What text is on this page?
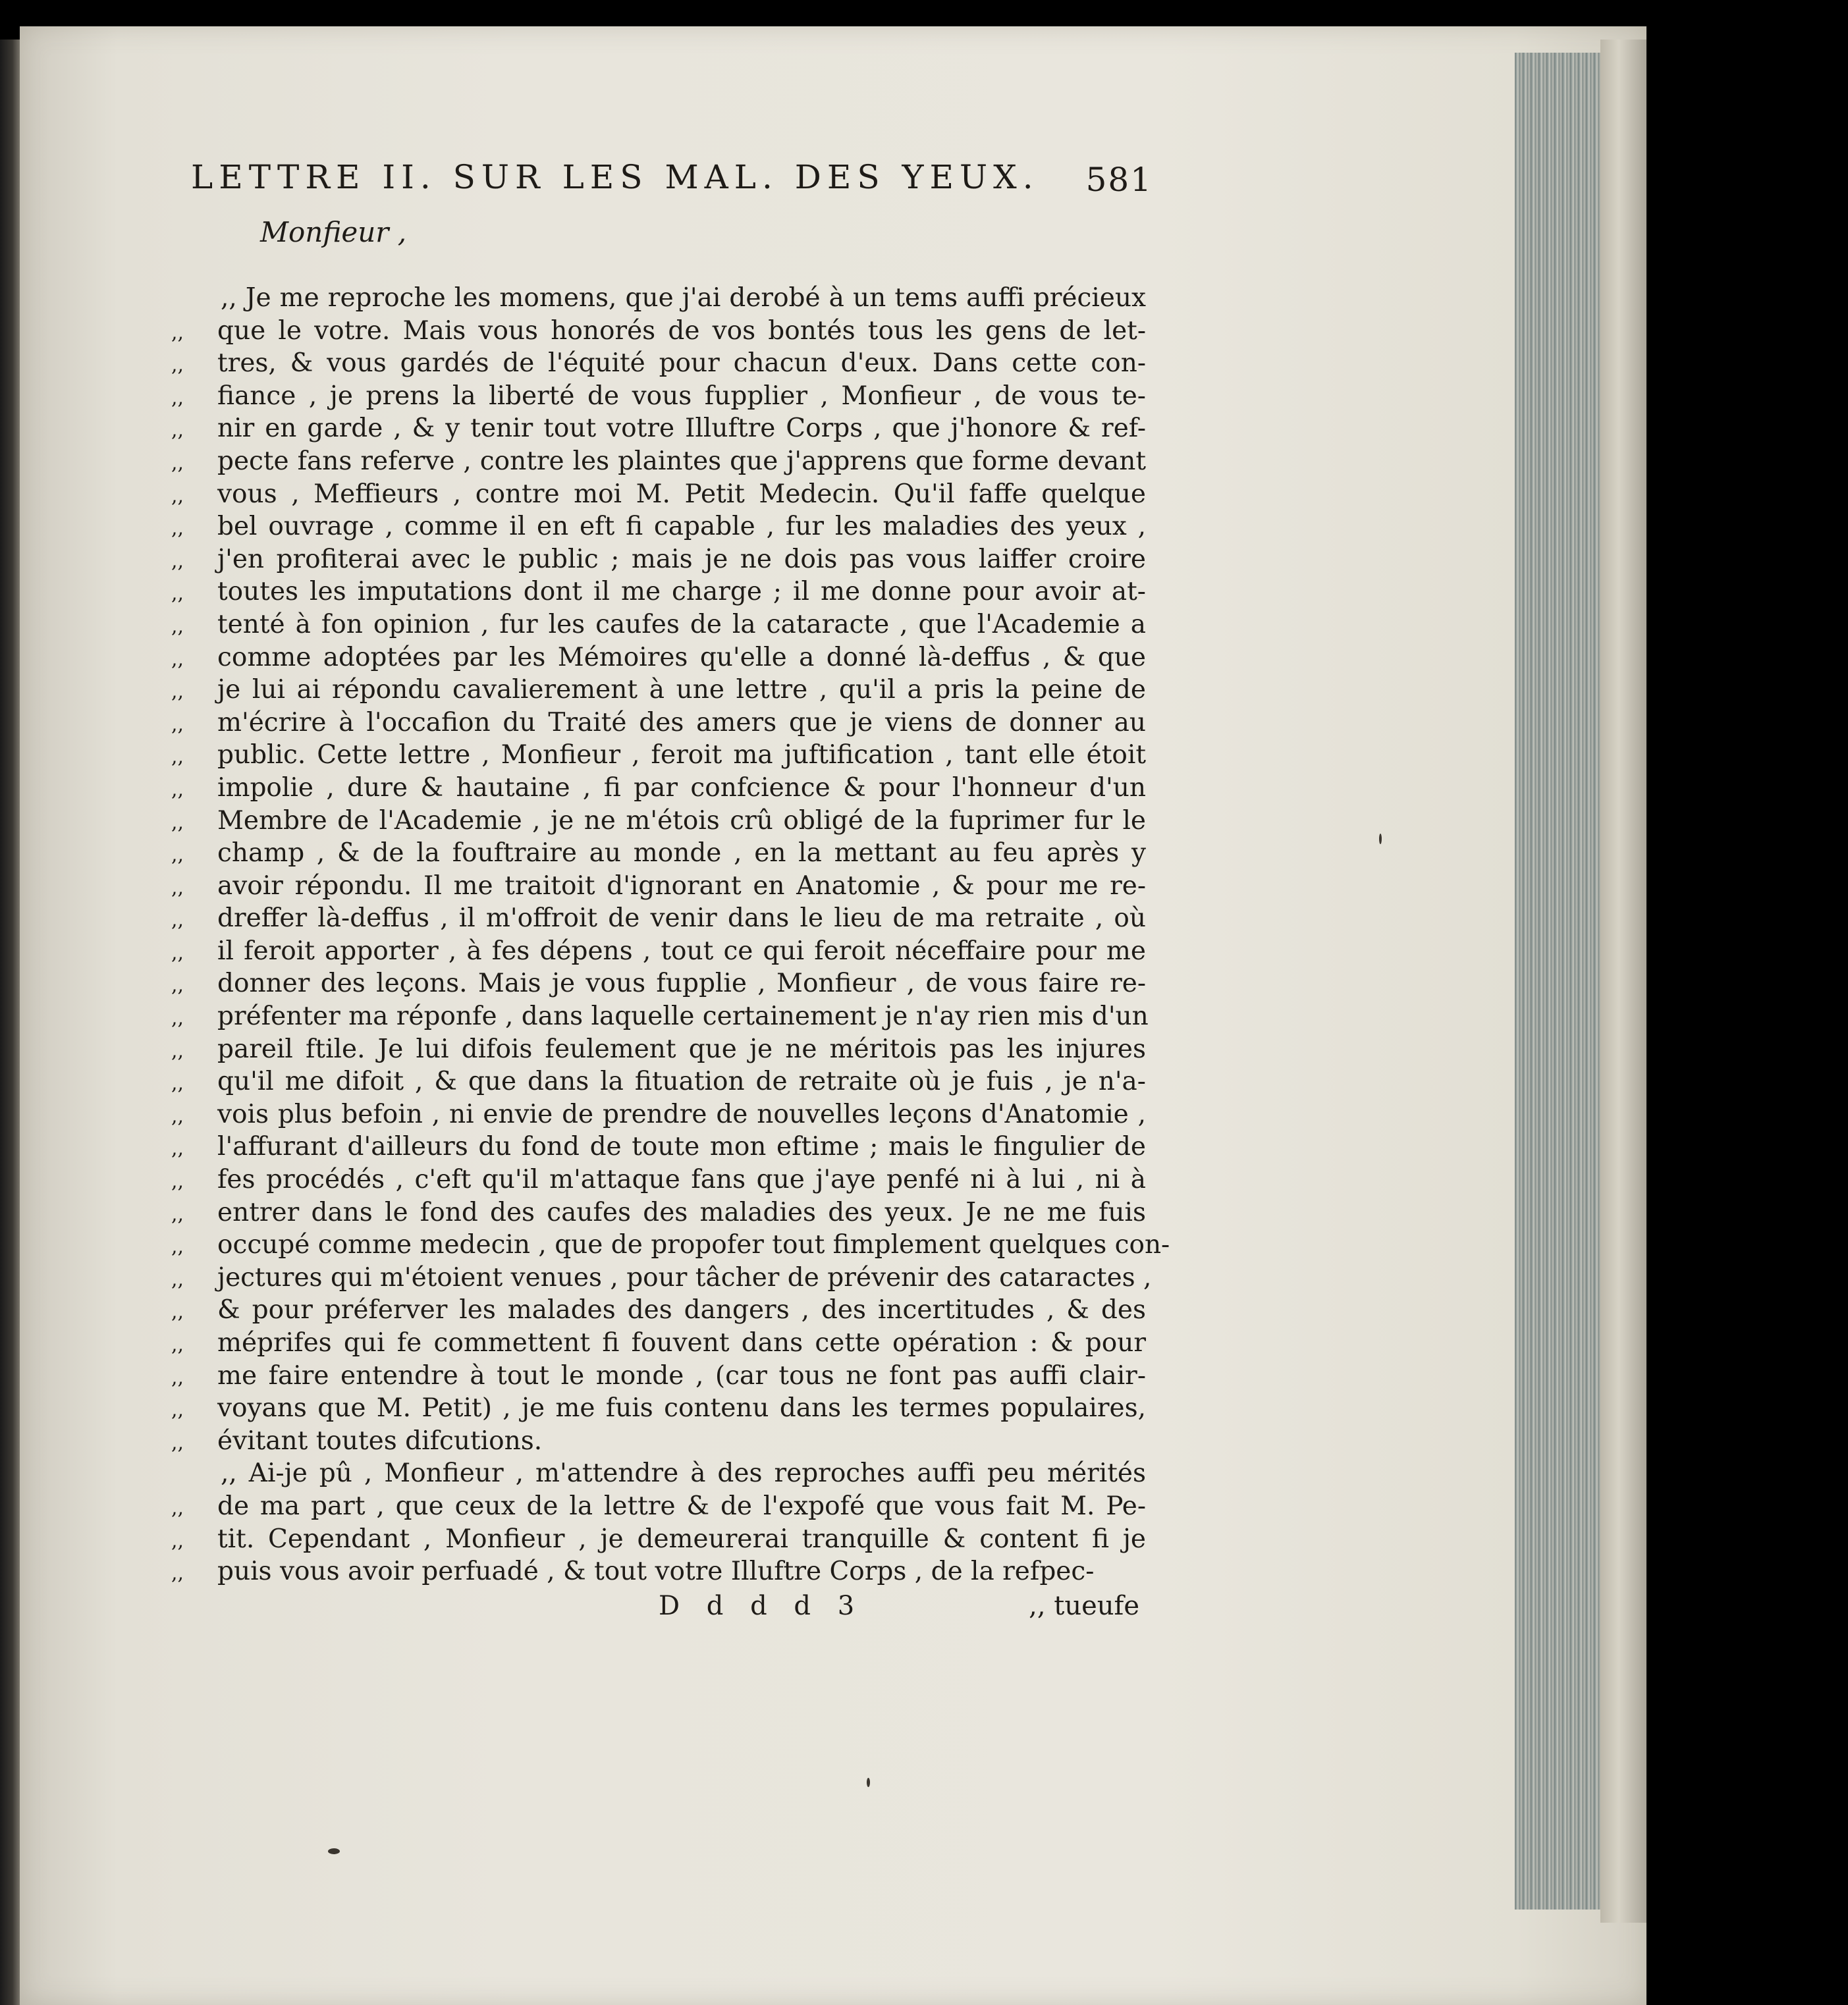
LETTRE II. SUR LES MAL. DES YEUX. 581
Monfieur ,
,, Je me reproche les momens, que j'ai derobé à un tems auffi précieux
,,	que le votre. Mais vous honorés de vos bontés tous les gens de let-
,,	tres, & vous gardés de l'équité pour chacun d'eux. Dans cette con-
,,	fiance , je prens la liberté de vous fupplier , Monfieur , de vous te-
,,	nir en garde , & y tenir tout votre Illuftre Corps , que j'honore & ref-
,,	pecte fans referve , contre les plaintes que j'apprens que forme devant
,,	vous , Meffieurs , contre moi M. Petit Medecin. Qu'il faffe quelque
,,	bel ouvrage , comme il en eft fi capable , fur les maladies des yeux ,
,,	j'en profiterai avec le public ; mais je ne dois pas vous laiffer croire
,,	toutes les imputations dont il me charge ; il me donne pour avoir at-
,,	tenté à fon opinion , fur les caufes de la cataracte , que l'Academie a
,,	comme adoptées par les Mémoires qu'elle a donné là-deffus , & que
,,	je lui ai répondu cavalierement à une lettre , qu'il a pris la peine de
,,	m'écrire à l'occafion du Traité des amers que je viens de donner au
,,	public. Cette lettre , Monfieur , feroit ma juftification , tant elle étoit
,,	impolie , dure & hautaine , fi par confcience & pour l'honneur d'un
,,	Membre de l'Academie , je ne m'étois crû obligé de la fuprimer fur le
,,	champ , & de la fouftraire au monde , en la mettant au feu après y
,,	avoir répondu. Il me traitoit d'ignorant en Anatomie , & pour me re-
,,	dreffer là-deffus , il m'offroit de venir dans le lieu de ma retraite , où
,,	il feroit apporter , à fes dépens , tout ce qui feroit néceffaire pour me
,,	donner des leçons. Mais je vous fupplie , Monfieur , de vous faire re-
,,	préfenter ma réponfe , dans laquelle certainement je n'ay rien mis d'un
,,	pareil ftile. Je lui difois feulement que je ne méritois pas les injures
,,	qu'il me difoit , & que dans la fituation de retraite où je fuis , je n'a-
,,	vois plus befoin , ni envie de prendre de nouvelles leçons d'Anatomie ,
,,	l'affurant d'ailleurs du fond de toute mon eftime ; mais le fingulier de
,,	fes procédés , c'eft qu'il m'attaque fans que j'aye penfé ni à lui , ni à
,,	entrer dans le fond des caufes des maladies des yeux. Je ne me fuis
,,	occupé comme medecin , que de propofer tout fimplement quelques con-
,,	jectures qui m'étoient venues , pour tâcher de prévenir des cataractes ,
,,	& pour préferver les malades des dangers , des incertitudes , & des
,,	méprifes qui fe commettent fi fouvent dans cette opération : & pour
,,	me faire entendre à tout le monde , (car tous ne font pas auffi clair-
,,	voyans que M. Petit) , je me fuis contenu dans les termes populaires,
,,	évitant toutes difcutions.
,, Ai-je pû , Monfieur , m'attendre à des reproches auffi peu mérités
,,	de ma part , que ceux de la lettre & de l'expofé que vous fait M. Pe-
,,	tit. Cependant , Monfieur , je demeurerai tranquille & content fi je
,,	puis vous avoir perfuadé , & tout votre Illuftre Corps , de la refpec-
D d d d 3	,, tueufe
